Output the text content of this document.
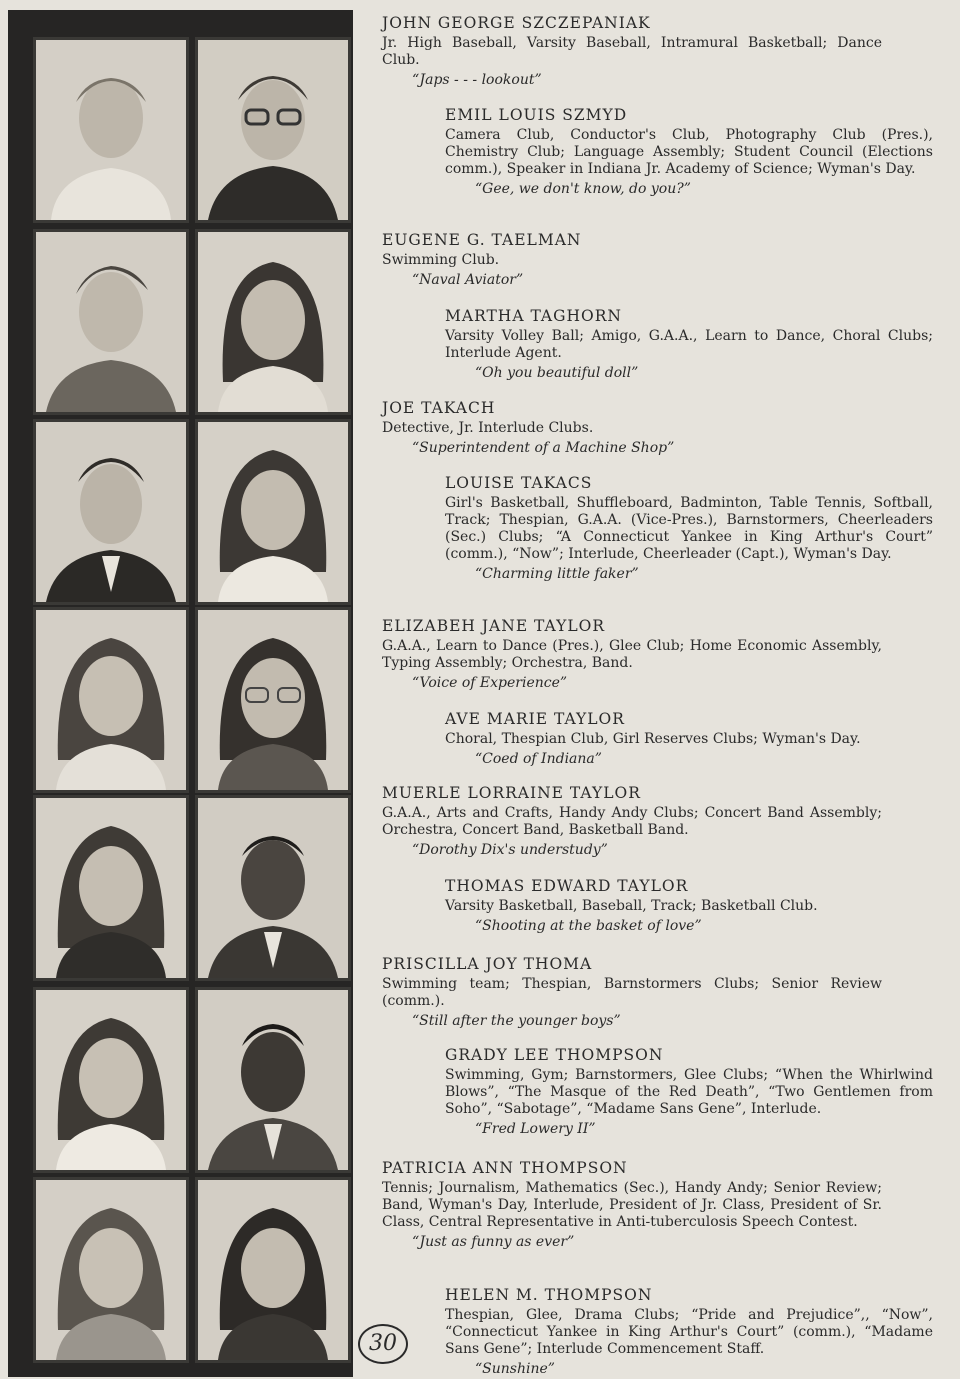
JOHN GEORGE SZCZEPANIAK
Jr. High Baseball, Varsity Baseball, Intramural Basketball; Dance Club.
“Japs - - - lookout”
EMIL LOUIS SZMYD
Camera Club, Conductor's Club, Photography Club (Pres.), Chemistry Club; Language Assembly; Student Council (Elections comm.), Speaker in Indiana Jr. Academy of Science; Wyman's Day.
“Gee, we don't know, do you?”
EUGENE G. TAELMAN
Swimming Club.
“Naval Aviator”
MARTHA TAGHORN
Varsity Volley Ball; Amigo, G.A.A., Learn to Dance, Choral Clubs; Interlude Agent.
“Oh you beautiful doll”
JOE TAKACH
Detective, Jr. Interlude Clubs.
“Superintendent of a Machine Shop”
LOUISE TAKACS
Girl's Basketball, Shuffleboard, Badminton, Table Tennis, Softball, Track; Thespian, G.A.A. (Vice-Pres.), Barnstormers, Cheerleaders (Sec.) Clubs; “A Connecticut Yankee in King Arthur's Court” (comm.), “Now”; Interlude, Cheerleader (Capt.), Wyman's Day.
“Charming little faker”
ELIZABEH JANE TAYLOR
G.A.A., Learn to Dance (Pres.), Glee Club; Home Economic Assembly, Typing Assembly; Orchestra, Band.
“Voice of Experience”
AVE MARIE TAYLOR
Choral, Thespian Club, Girl Reserves Clubs; Wyman's Day.
“Coed of Indiana”
MUERLE LORRAINE TAYLOR
G.A.A., Arts and Crafts, Handy Andy Clubs; Concert Band Assembly; Orchestra, Concert Band, Basketball Band.
“Dorothy Dix's understudy”
THOMAS EDWARD TAYLOR
Varsity Basketball, Baseball, Track; Basketball Club.
“Shooting at the basket of love”
PRISCILLA JOY THOMA
Swimming team; Thespian, Barnstormers Clubs; Senior Review (comm.).
“Still after the younger boys”
GRADY LEE THOMPSON
Swimming, Gym; Barnstormers, Glee Clubs; “When the Whirlwind Blows”, “The Masque of the Red Death”, “Two Gentlemen from Soho”, “Sabotage”, “Madame Sans Gene”, Interlude.
“Fred Lowery II”
PATRICIA ANN THOMPSON
Tennis; Journalism, Mathematics (Sec.), Handy Andy; Senior Review; Band, Wyman's Day, Interlude, President of Jr. Class, President of Sr. Class, Central Representative in Anti-tuberculosis Speech Contest.
“Just as funny as ever”
HELEN M. THOMPSON
Thespian, Glee, Drama Clubs; “Pride and Prejudice”,, “Now”, “Connecticut Yankee in King Arthur's Court” (comm.), “Madame Sans Gene”; Interlude Commencement Staff.
“Sunshine”
30
